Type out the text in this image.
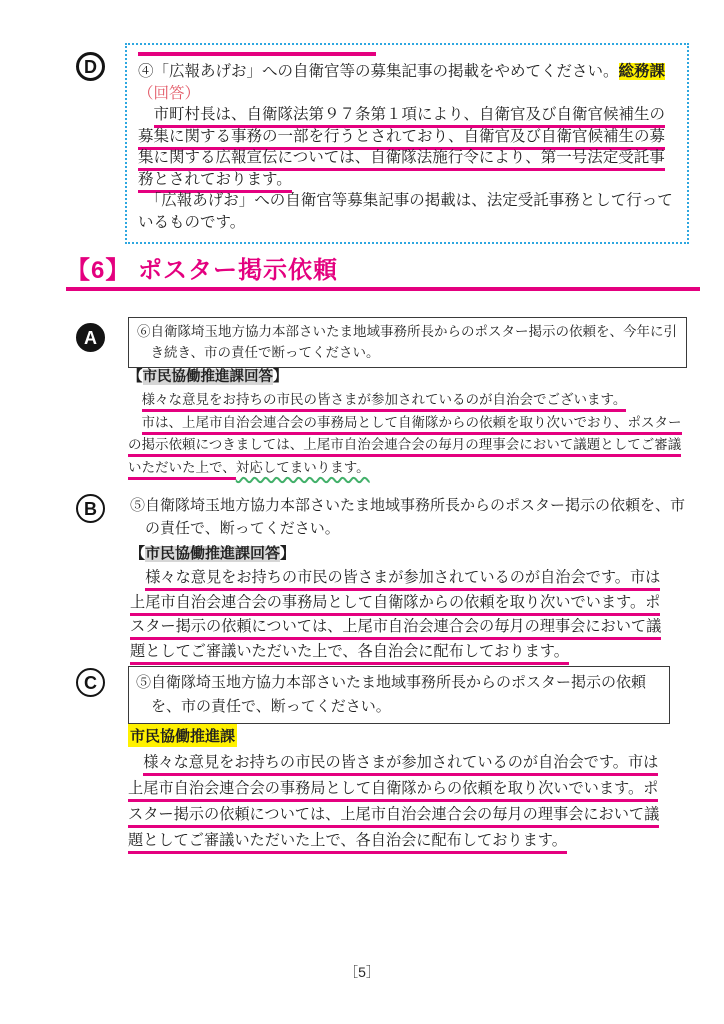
D	④「広報あげお」への自衛官等の募集記事の掲載をやめてください。総務課
（回答）
　市町村長は、自衛隊法第９７条第１項により、自衛官及び自衛官候補生の募集に関する事務の一部を行うとされており、自衛官及び自衛官候補生の募集に関する広報宣伝については、自衛隊法施行令により、第一号法定受託事務とされております。
　「広報あげお」への自衛官等募集記事の掲載は、法定受託事務として行っているものです。
【6】 ポスター掲示依頼
A	⑥自衛隊埼玉地方協力本部さいたま地域事務所長からのポスター掲示の依頼を、今年に引き続き、市の責任で断ってください。
【市民協働推進課回答】

　様々な意見をお持ちの市民の皆さまが参加されているのが自治会でございます。

　市は、上尾市自治会連合会の事務局として自衛隊からの依頼を取り次いでおり、ポスターの掲示依頼につきましては、上尾市自治会連合会の毎月の理事会において議題としてご審議いただいた上で、対応してまいります。

B	⑤自衛隊埼玉地方協力本部さいたま地域事務所長からのポスター掲示の依頼を、市の責任で、断ってください。
【市民協働推進課回答】
　様々な意見をお持ちの市民の皆さまが参加されているのが自治会です。市は上尾市自治会連合会の事務局として自衛隊からの依頼を取り次いでいます。ポスター掲示の依頼については、上尾市自治会連合会の毎月の理事会において議題としてご審議いただいた上で、各自治会に配布しております。
C	⑤自衛隊埼玉地方協力本部さいたま地域事務所長からのポスター掲示の依頼を、市の責任で、断ってください。
市民協働推進課
　様々な意見をお持ちの市民の皆さまが参加されているのが自治会です。市は上尾市自治会連合会の事務局として自衛隊からの依頼を取り次いでいます。ポスター掲示の依頼については、上尾市自治会連合会の毎月の理事会において議題としてご審議いただいた上で、各自治会に配布しております。
［5］
